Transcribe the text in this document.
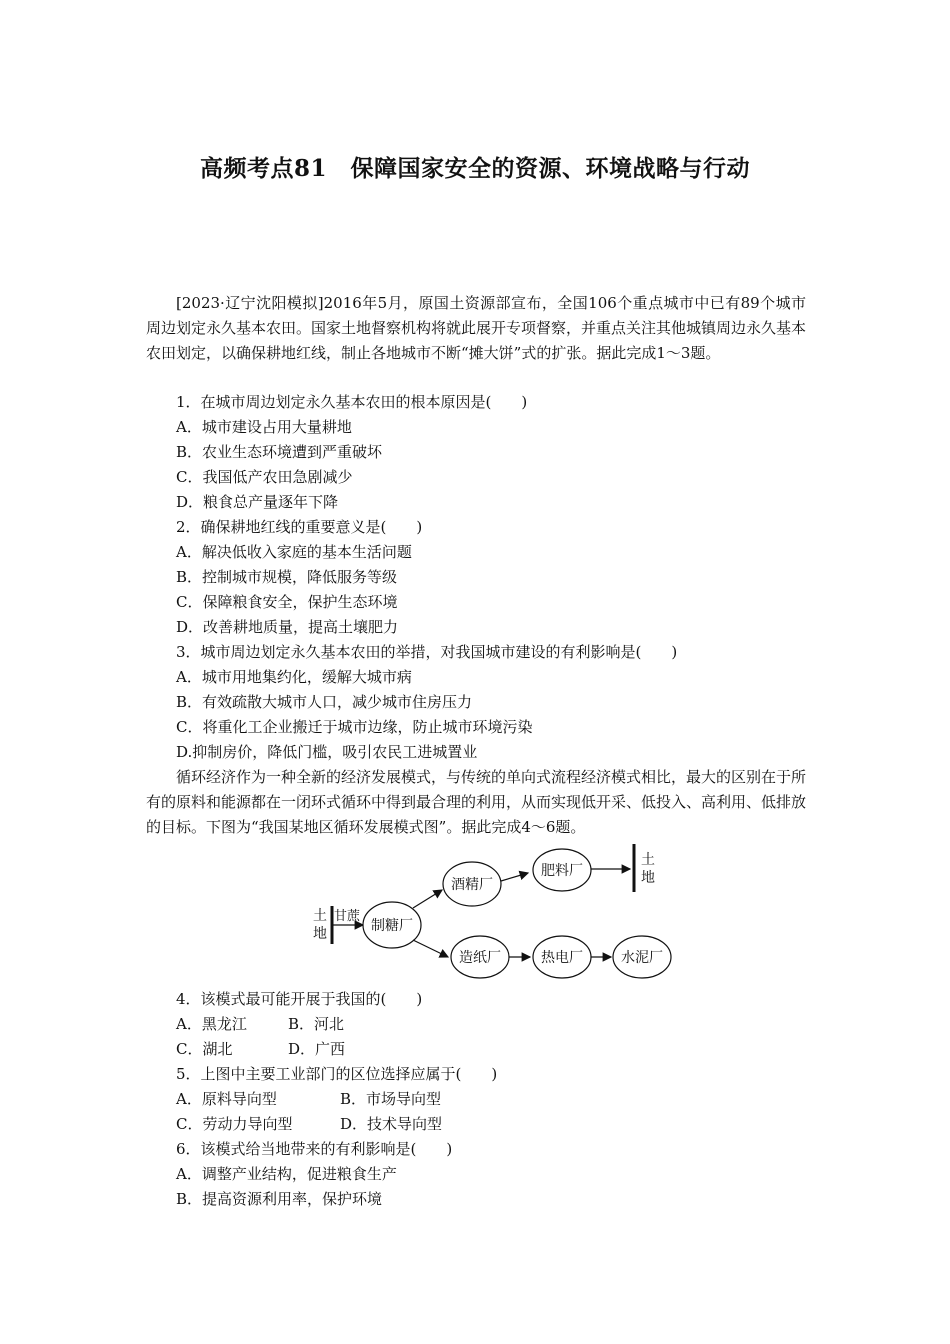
高频考点81　保障国家安全的资源、环境战略与行动

[2023·辽宁沈阳模拟]2016年5月，原国土资源部宣布，全国106个重点城市中已有89个城市周边划定永久基本农田。国家土地督察机构将就此展开专项督察，并重点关注其他城镇周边永久基本农田划定，以确保耕地红线，制止各地城市不断“摊大饼”式的扩张。据此完成1～3题。

1．在城市周边划定永久基本农田的根本原因是(　　)

A．城市建设占用大量耕地

B．农业生态环境遭到严重破坏

C．我国低产农田急剧减少

D．粮食总产量逐年下降

2．确保耕地红线的重要意义是(　　)

A．解决低收入家庭的基本生活问题

B．控制城市规模，降低服务等级

C．保障粮食安全，保护生态环境

D．改善耕地质量，提高土壤肥力

3．城市周边划定永久基本农田的举措，对我国城市建设的有利影响是(　　)

A．城市用地集约化，缓解大城市病

B．有效疏散大城市人口，减少城市住房压力

C．将重化工企业搬迁于城市边缘，防止城市环境污染

D.抑制房价，降低门槛，吸引农民工进城置业

循环经济作为一种全新的经济发展模式，与传统的单向式流程经济模式相比，最大的区别在于所有的原料和能源都在一闭环式循环中得到最合理的利用，从而实现低开采、低投入、高利用、低排放的目标。下图为“我国某地区循环发展模式图”。据此完成4～6题。

土
地
甘蔗
制糖厂
酒精厂
肥料厂
土
地
造纸厂	热电厂	水泥厂

4．该模式最可能开展于我国的(　　)

A．黑龙江	B．河北

C．湖北	D．广西

5．上图中主要工业部门的区位选择应属于(　　)

A．原料导向型	B．市场导向型

C．劳动力导向型	D．技术导向型

6．该模式给当地带来的有利影响是(　　)

A．调整产业结构，促进粮食生产

B．提高资源利用率，保护环境
